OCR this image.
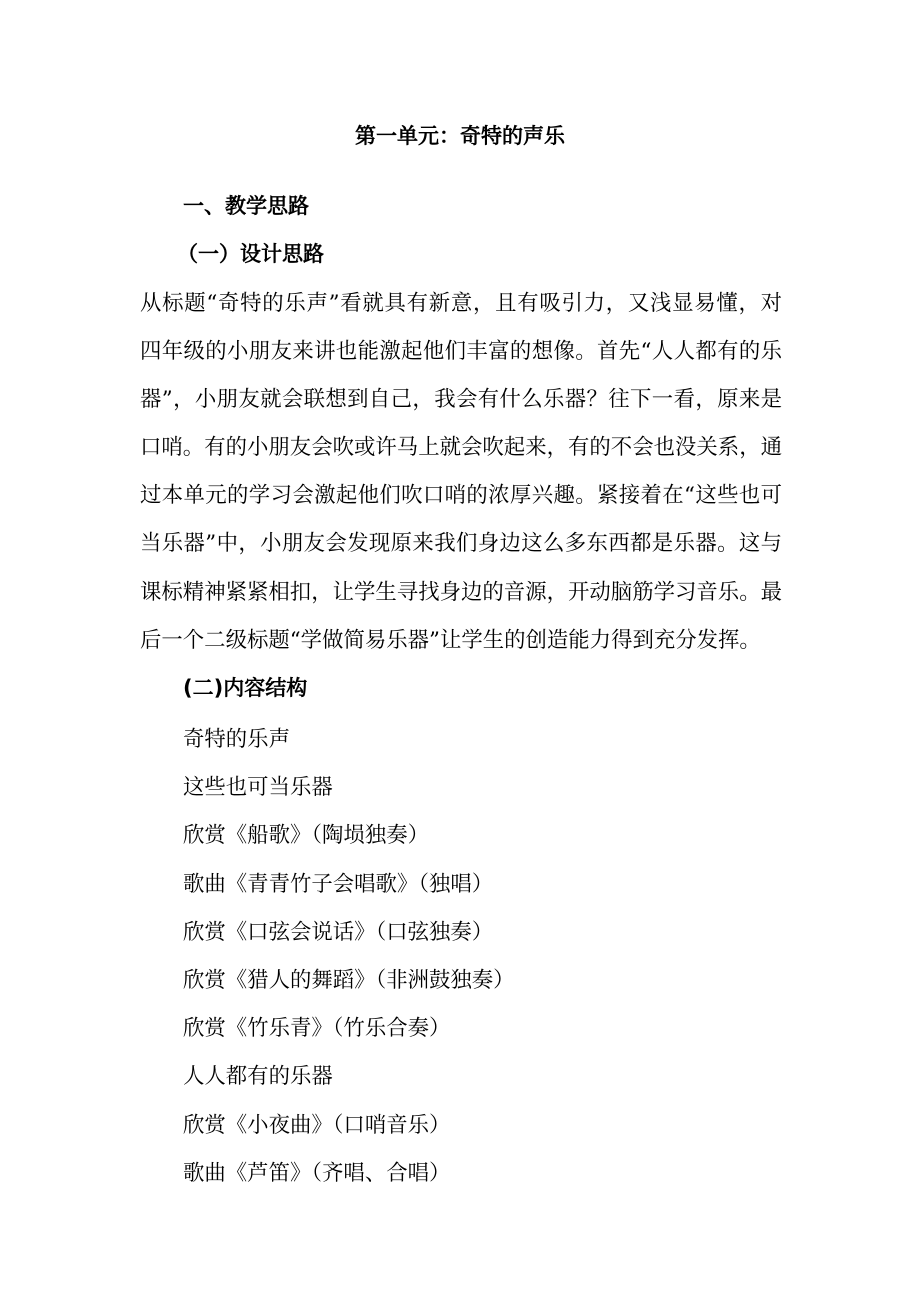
第一单元：奇特的声乐
一、教学思路
（一）设计思路
从标题“奇特的乐声”看就具有新意，且有吸引力，又浅显易懂，对四年级的小朋友来讲也能激起他们丰富的想像。首先“人人都有的乐器”，小朋友就会联想到自己，我会有什么乐器？往下一看，原来是口哨。有的小朋友会吹或许马上就会吹起来，有的不会也没关系，通过本单元的学习会激起他们吹口哨的浓厚兴趣。紧接着在“这些也可当乐器”中，小朋友会发现原来我们身边这么多东西都是乐器。这与课标精神紧紧相扣，让学生寻找身边的音源，开动脑筋学习音乐。最后一个二级标题“学做简易乐器”让学生的创造能力得到充分发挥。
(二)内容结构
奇特的乐声
这些也可当乐器
欣赏《船歌》（陶埙独奏）
歌曲《青青竹子会唱歌》（独唱）
欣赏《口弦会说话》（口弦独奏）
欣赏《猎人的舞蹈》（非洲鼓独奏）
欣赏《竹乐青》（竹乐合奏）
人人都有的乐器
欣赏《小夜曲》（口哨音乐）
歌曲《芦笛》（齐唱、合唱）
